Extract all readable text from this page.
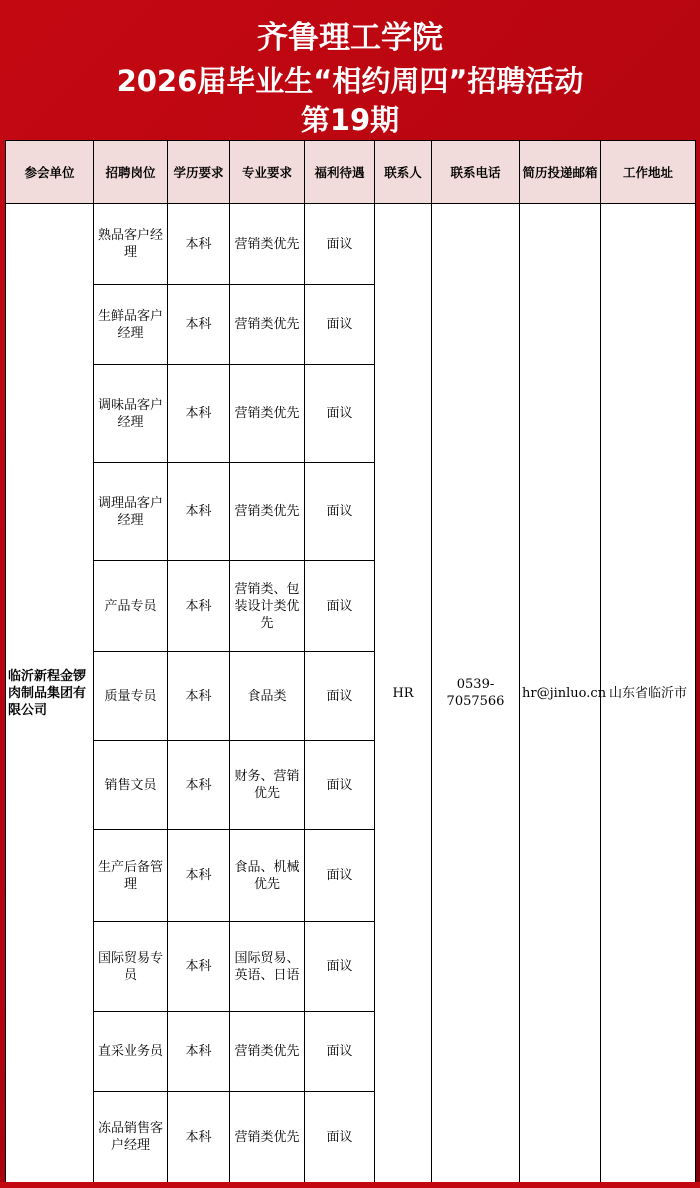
齐鲁理工学院
2026届毕业生“相约周四”招聘活动
第19期
参会单位	招聘岗位	学历要求	专业要求	福利待遇	联系人	联系电话	简历投递邮箱	工作地址
临沂新程金锣肉制品集团有限公司	熟品客户经理	本科	营销类优先	面议	HR	0539-7057566	hr@jinluo.cn	山东省临沂市
	生鲜品客户经理	本科	营销类优先	面议				
	调味品客户经理	本科	营销类优先	面议				
	调理品客户经理	本科	营销类优先	面议				
	产品专员	本科	营销类、包装设计类优先	面议				
	质量专员	本科	食品类	面议				
	销售文员	本科	财务、营销优先	面议				
	生产后备管理	本科	食品、机械优先	面议				
	国际贸易专员	本科	国际贸易、英语、日语	面议				
	直采业务员	本科	营销类优先	面议				
	冻品销售客户经理	本科	营销类优先	面议				
